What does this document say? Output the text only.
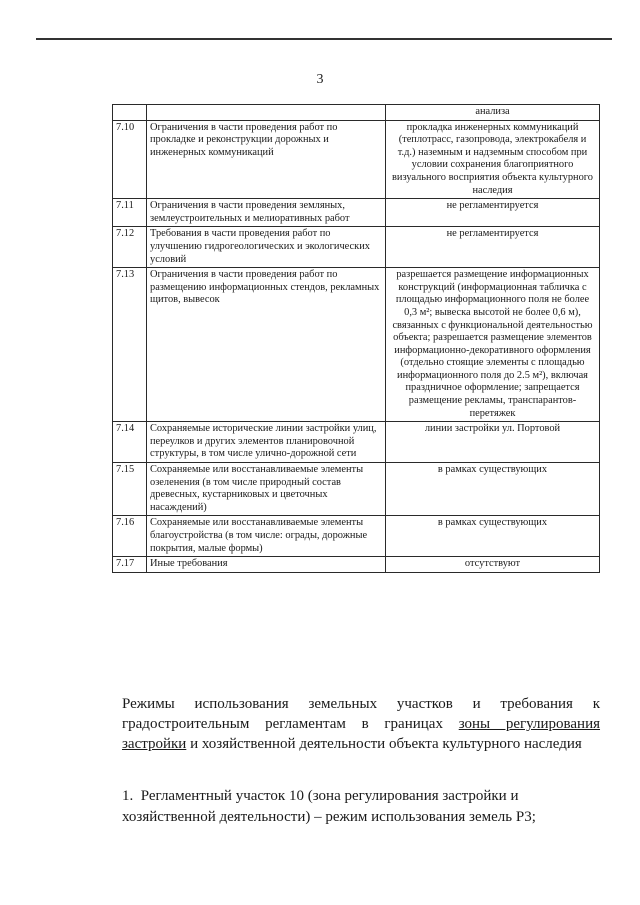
3
		анализа
7.10	Ограничения в части проведения работ по прокладке и реконструкции дорожных и инженерных коммуникаций	прокладка инженерных коммуникаций (теплотрасс, газопровода, электрокабеля и т.д.) наземным и надземным способом при условии сохранения благоприятного визуального восприятия объекта культурного наследия
7.11	Ограничения в части проведения земляных, землеустроительных и мелиоративных работ	не регламентируется
7.12	Требования в части проведения работ по улучшению гидрогеологических и экологических условий	не регламентируется
7.13	Ограничения в части проведения работ по размещению информационных стендов, рекламных щитов, вывесок	разрешается размещение информационных конструкций (информационная табличка с площадью информационного поля не более 0,3 м²; вывеска высотой не более 0,6 м), связанных с функциональной деятельностью объекта; разрешается размещение элементов информационно-декоративного оформления (отдельно стоящие элементы с площадью информационного поля до 2.5 м²), включая праздничное оформление; запрещается размещение рекламы, транспарантов-перетяжек
7.14	Сохраняемые исторические линии застройки улиц, переулков и других элементов планировочной структуры, в том числе улично-дорожной сети	линии застройки ул. Портовой
7.15	Сохраняемые или восстанавливаемые элементы озеленения (в том числе природный состав древесных, кустарниковых и цветочных насаждений)	в рамках существующих
7.16	Сохраняемые или восстанавливаемые элементы благоустройства (в том числе: ограды, дорожные покрытия, малые формы)	в рамках существующих
7.17	Иные требования	отсутствуют
Режимы использования земельных участков и требования к градостроительным регламентам в границах зоны регулирования застройки и хозяйственной деятельности объекта культурного наследия
1. Регламентный участок 10 (зона регулирования застройки и хозяйственной деятельности) – режим использования земель Р3;
